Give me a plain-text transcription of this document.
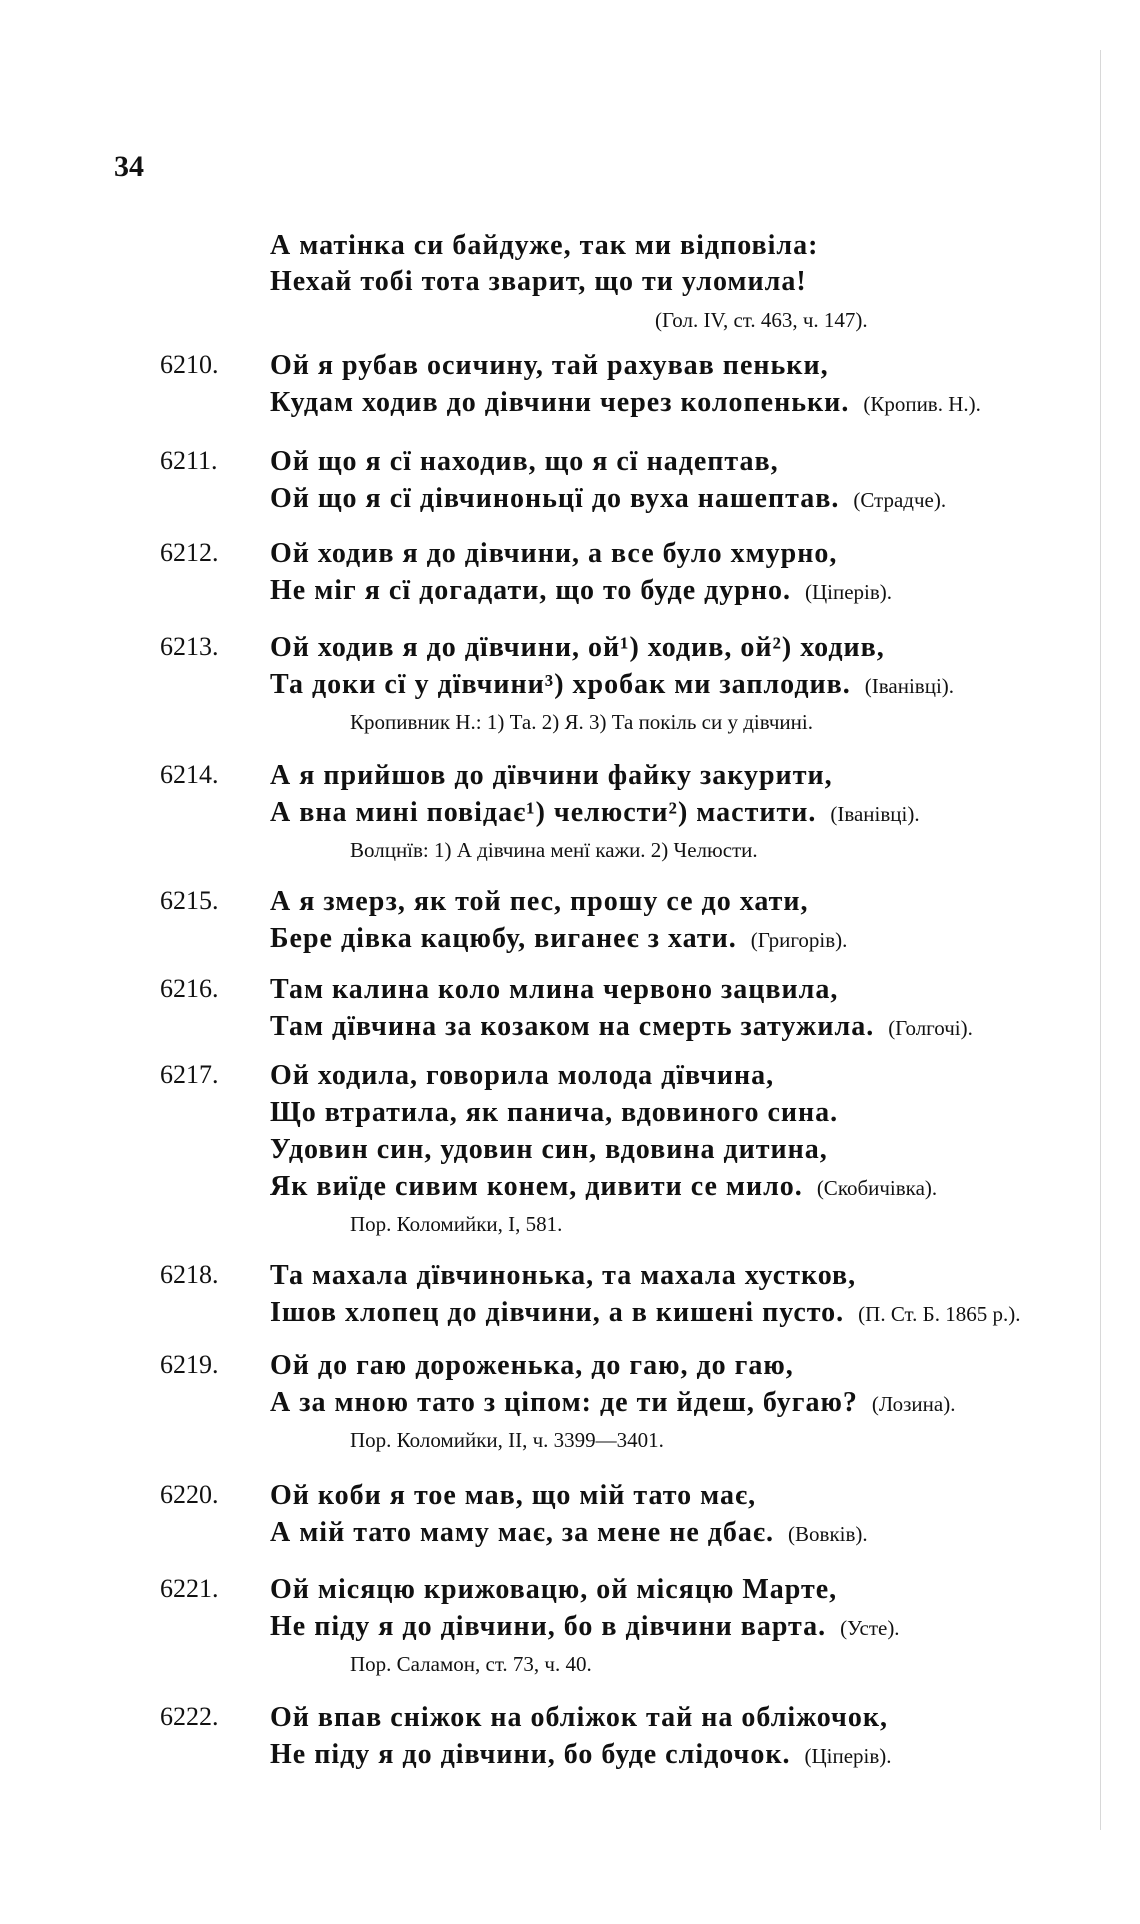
34
А матінка си байдуже, так ми відповіла:
Нехай тобі тота зварит, що ти уломила!
(Гол. IV, ст. 463, ч. 147).
6210. Ой я рубав осичину, тай рахував пеньки,
Кудам ходив до дівчини через колопеньки. (Кропив. Н.).
6211. Ой що я сї находив, що я сї надептав,
Ой що я сї дівчиноньцї до вуха нашептав. (Страдче).
6212. Ой ходив я до дівчини, а все було хмурно,
Не міг я сї догадати, що то буде дурно. (Ціперів).
6213. Ой ходив я до дївчини, ой¹) ходив, ой²) ходив,
Та доки сї у дївчини³) хробак ми заплодив. (Іванівці).
Кропивник Н.: 1) Та. 2) Я. 3) Та покіль си у дівчині.
6214. А я прийшов до дївчини файку закурити,
А вна мині повідає¹) челюсти²) мастити. (Іванівці).
Волцнїв: 1) А дівчина менї кажи. 2) Челюсти.
6215. А я змерз, як той пес, прошу се до хати,
Бере дівка кацюбу, виганеє з хати. (Григорів).
6216. Там калина коло млина червоно зацвила,
Там дївчина за козаком на смерть затужила. (Голгочі).
6217. Ой ходила, говорила молода дївчина,
Що втратила, як панича, вдовиного сина.
Удовин син, удовин син, вдовина дитина,
Як виїде сивим конем, дивити се мило. (Скобичівка).
Пор. Коломийки, I, 581.
6218. Та махала дївчинонька, та махала хустков,
Ішов хлопец до дівчини, а в кишені пусто. (П. Ст. Б. 1865 р.).
6219. Ой до гаю дороженька, до гаю, до гаю,
А за мною тато з ціпом: де ти йдеш, бугаю? (Лозина).
Пор. Коломийки, II, ч. 3399—3401.
6220. Ой коби я тое мав, що мій тато має,
А мій тато маму має, за мене не дбає. (Вовків).
6221. Ой місяцю крижовацю, ой місяцю Марте,
Не піду я до дівчини, бо в дівчини варта. (Усте).
Пор. Саламон, ст. 73, ч. 40.
6222. Ой впав сніжок на обліжок тай на обліжочок,
Не піду я до дівчини, бо буде слідочок. (Ціперів).
